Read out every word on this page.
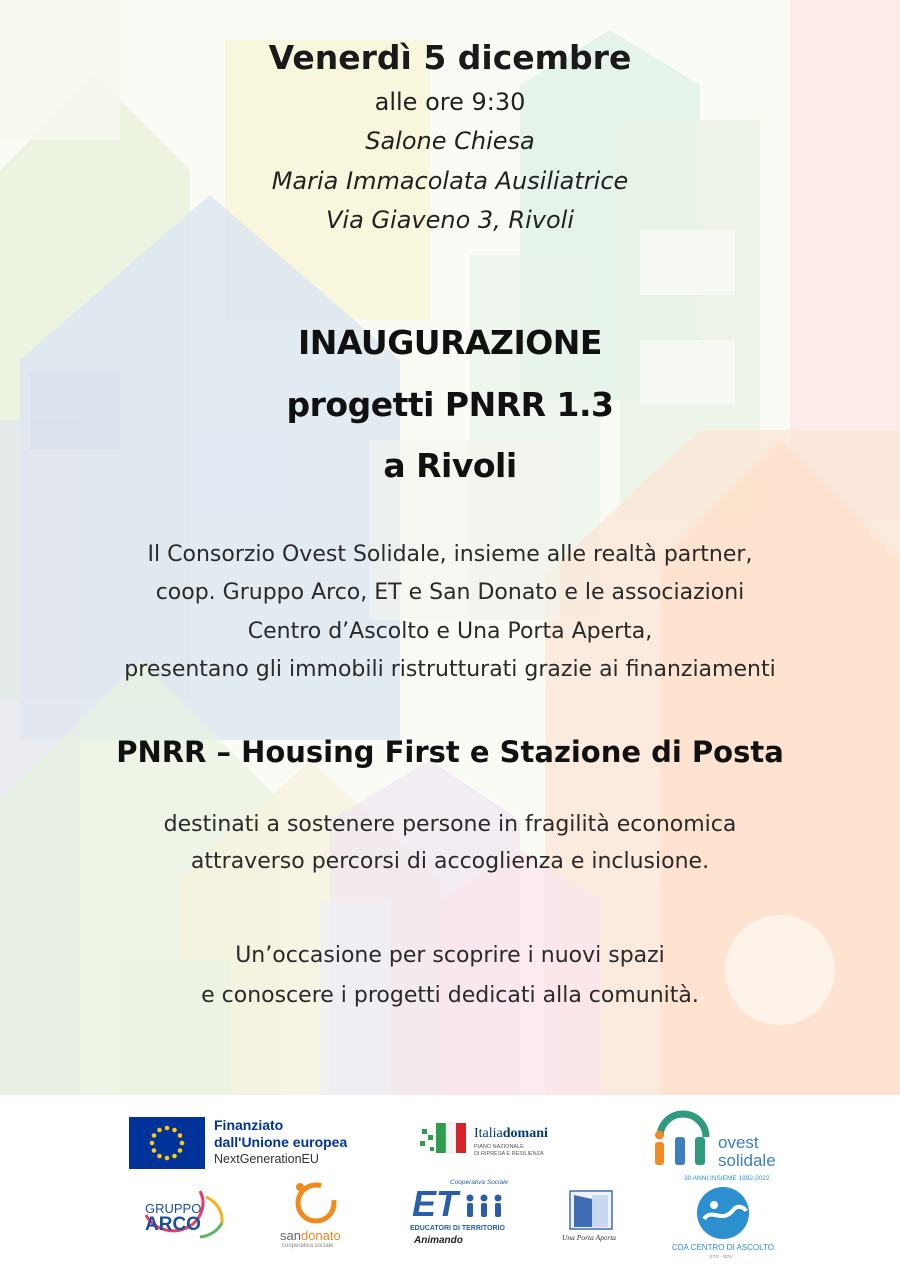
Venerdì 5 dicembre
alle ore 9:30
Salone Chiesa
Maria Immacolata Ausiliatrice
Via Giaveno 3, Rivoli
INAUGURAZIONE
progetti PNRR 1.3
a Rivoli
Il Consorzio Ovest Solidale, insieme alle realtà partner,
coop. Gruppo Arco, ET e San Donato e le associazioni
Centro d’Ascolto e Una Porta Aperta,
presentano gli immobili ristrutturati grazie ai finanziamenti
PNRR – Housing First e Stazione di Posta
destinati a sostenere persone in fragilità economica
attraverso percorsi di accoglienza e inclusione.
Un’occasione per scoprire i nuovi spazi
e conoscere i progetti dedicati alla comunità.
Finanziato
dall'Unione europea
NextGenerationEU
Italiadomani
PIANO NAZIONALE
DI RIPRESA E RESILIENZA
ovest
solidale
GRUPPO
ARCO
sandonato
cooperativa sociale
Cooperativa Sociale
ET
EDUCATORI DI TERRITORIO
Animando	Una Porta Aperta
30 ANNI INSIEME 1992-2022
CDA CENTRO DI ASCOLTO
ETS - ODV
